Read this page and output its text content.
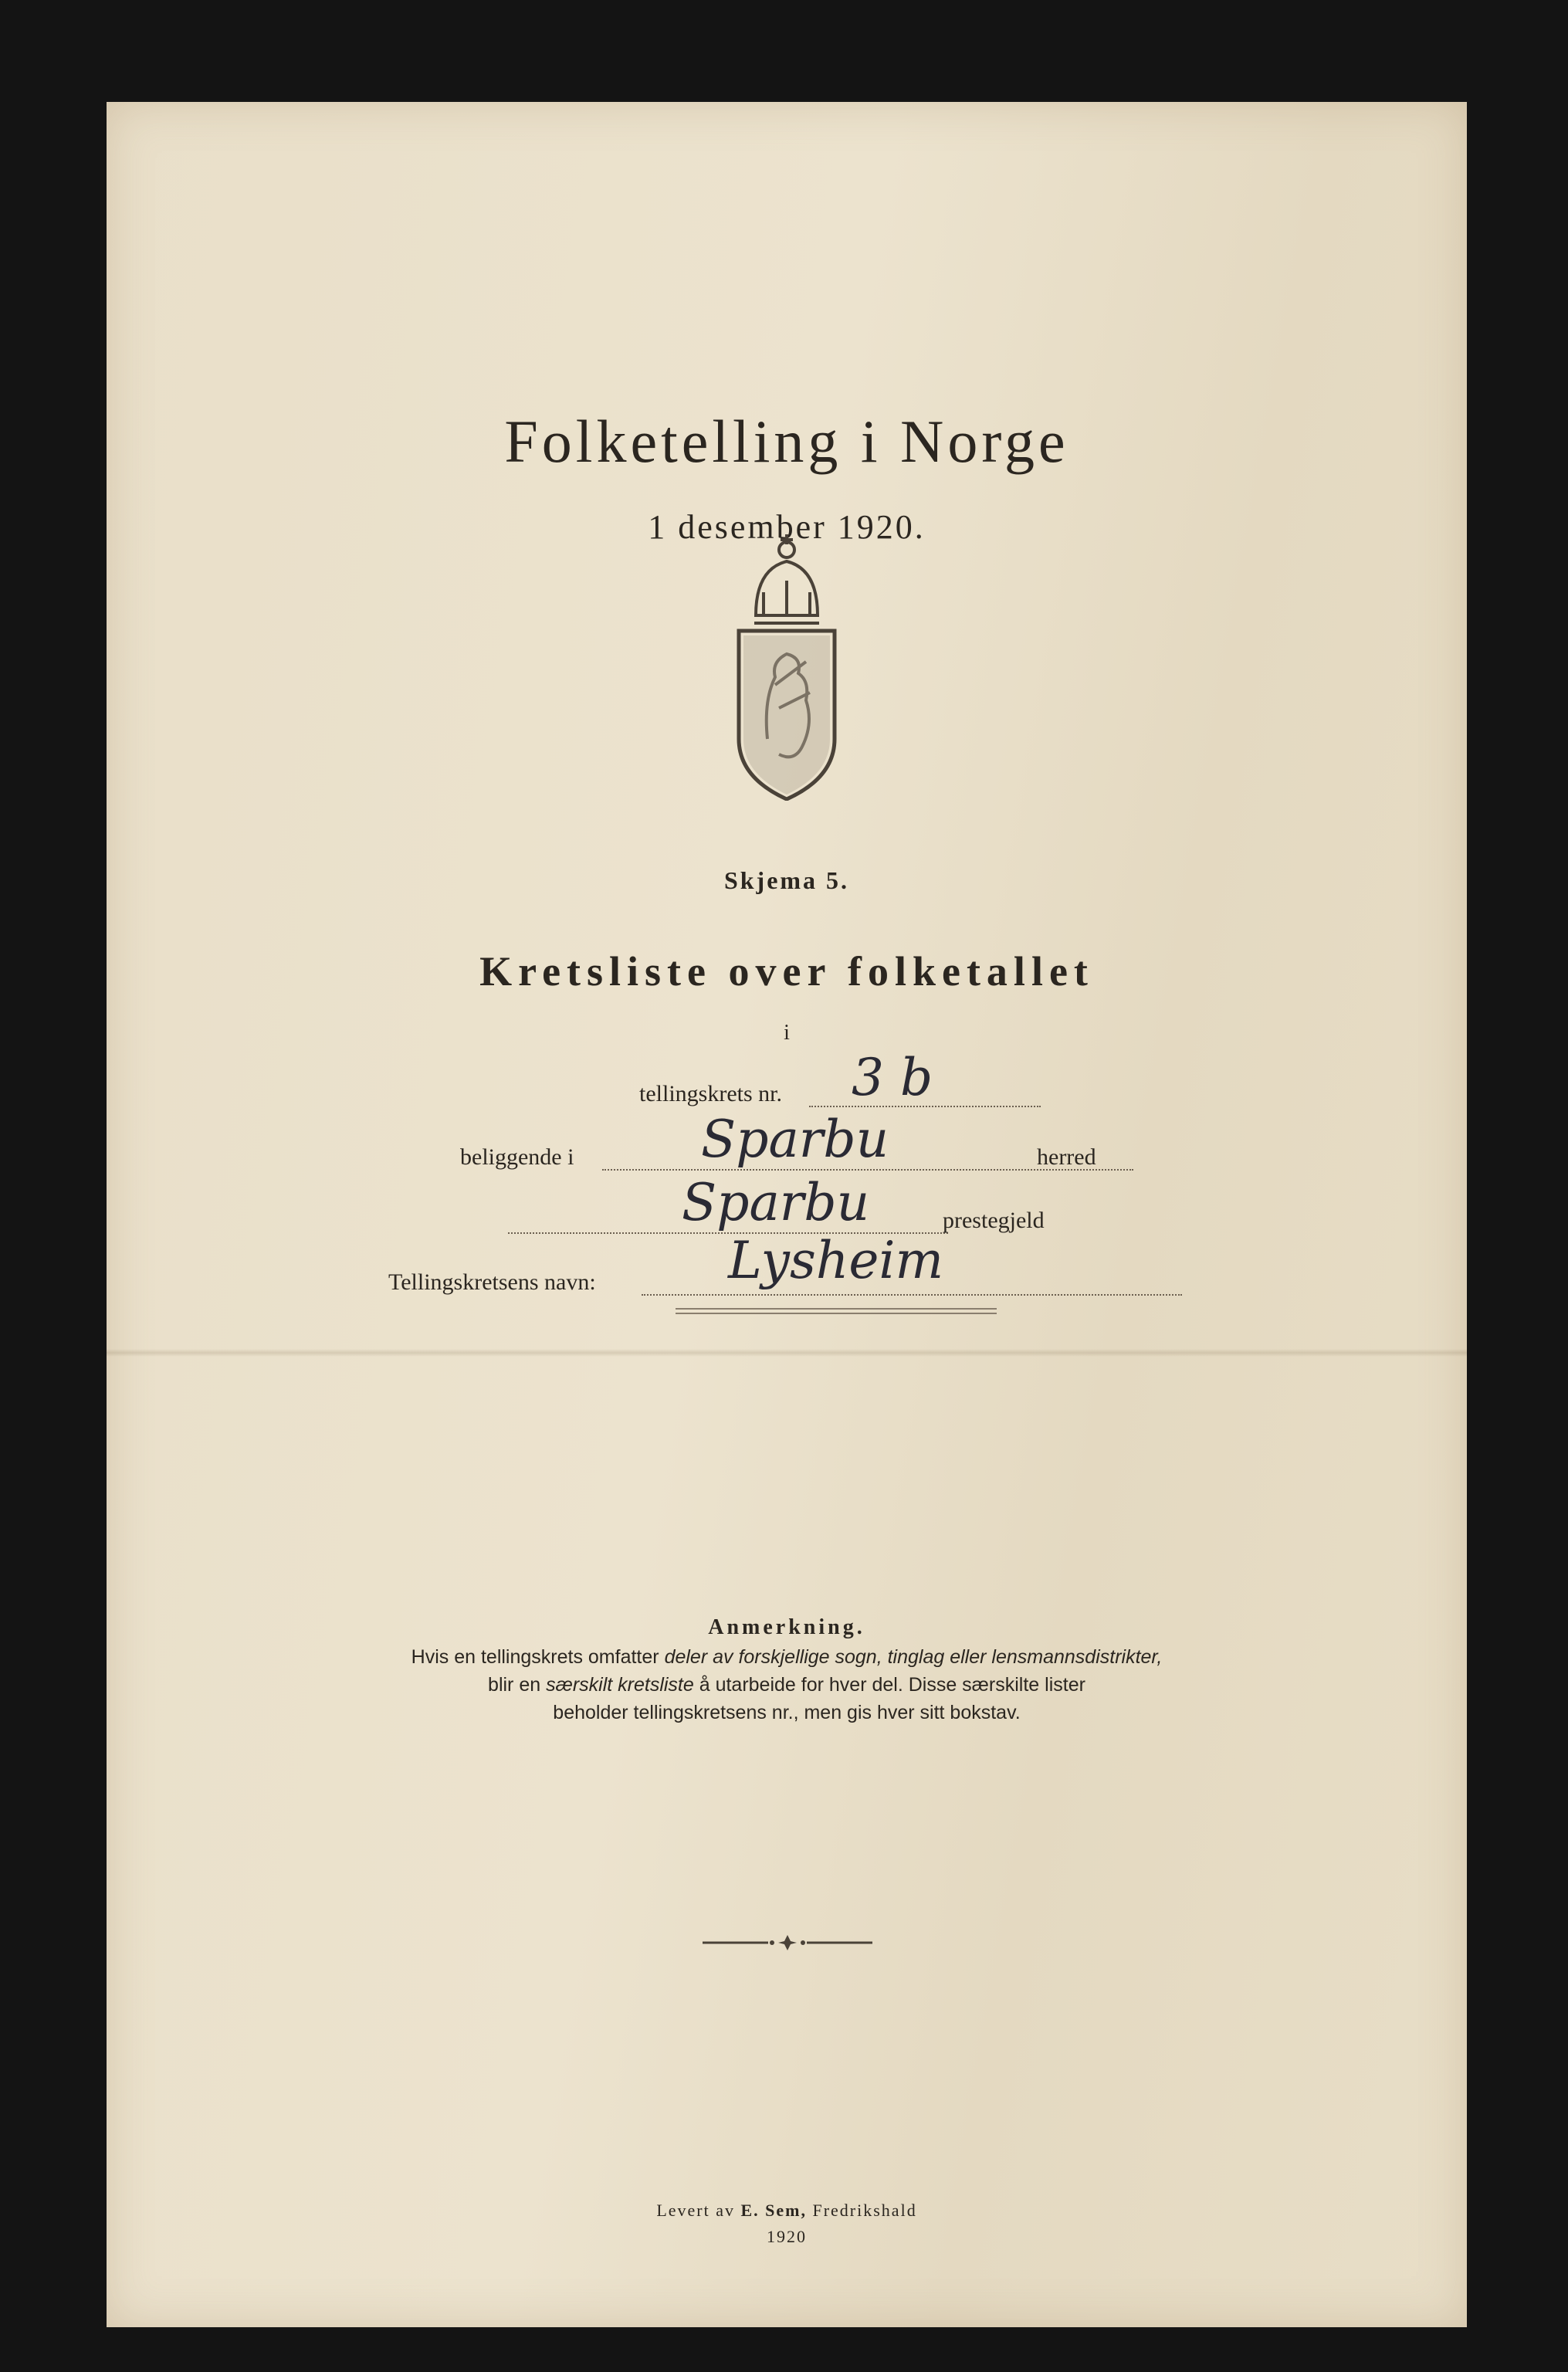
Folketelling i Norge
1 desember 1920.
Skjema 5.
Kretsliste over folketallet
i
tellingskrets nr. 3 b
beliggende i Sparbu	herred
Sparbu	prestegjeld
Tellingskretsens navn:	Lysheim
Anmerkning.
Hvis en tellingskrets omfatter deler av forskjellige sogn, tinglag eller lensmannsdistrikter,
blir en særskilt kretsliste å utarbeide for hver del. Disse særskilte lister
beholder tellingskretsens nr., men gis hver sitt bokstav.
Levert av E. Sem, Fredrikshald
1920
